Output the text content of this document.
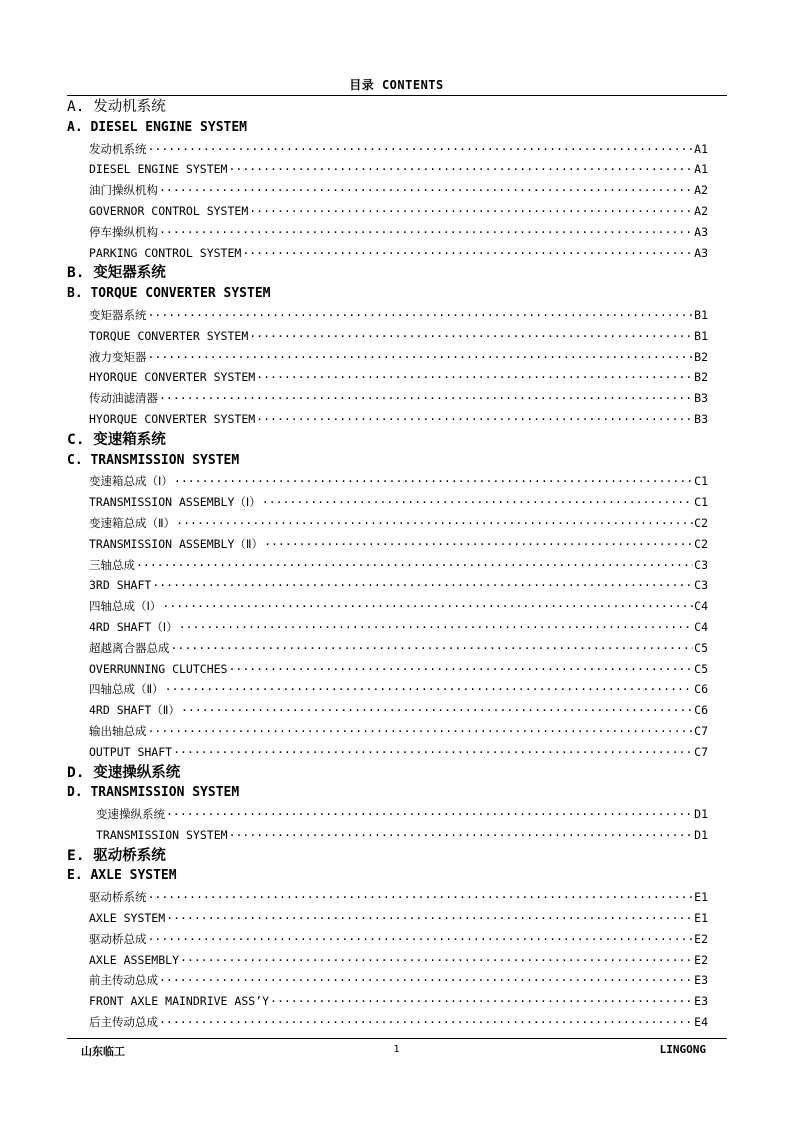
目录 CONTENTS
A. 发动机系统
A. DIESEL ENGINE SYSTEM
发动机系统 ·····	A1
DIESEL ENGINE SYSTEM ·····	A1
油门操纵机构 ·····	A2
GOVERNOR CONTROL SYSTEM ·····	A2
停车操纵机构 ·····	A3
PARKING CONTROL SYSTEM ·····	A3
B. 变矩器系统
B. TORQUE CONVERTER SYSTEM
变矩器系统 ·····	B1
TORQUE CONVERTER SYSTEM ·····	B1
液力变矩器 ·····	B2
HYORQUE CONVERTER SYSTEM ·····	B2
传动油滤清器 ·····	B3
HYORQUE CONVERTER SYSTEM ·····	B3
C. 变速箱系统
C. TRANSMISSION SYSTEM
变速箱总成（Ⅰ） ·····	C1
TRANSMISSION ASSEMBLY（Ⅰ） ·····	C1
变速箱总成（Ⅱ） ·····	C2
TRANSMISSION ASSEMBLY（Ⅱ） ·····	C2
三轴总成 ·····	C3
3RD SHAFT ·····	C3
四轴总成（Ⅰ） ·····	C4
4RD SHAFT（Ⅰ） ·····	C4
超越离合器总成 ·····	C5
OVERRUNNING CLUTCHES ·····	C5
四轴总成（Ⅱ） ·····	C6
4RD SHAFT（Ⅱ） ·····	C6
输出轴总成 ·····	C7
OUTPUT SHAFT ·····	C7
D. 变速操纵系统
D. TRANSMISSION SYSTEM
变速操纵系统 ·····	D1
TRANSMISSION SYSTEM ·····	D1
E. 驱动桥系统
E. AXLE SYSTEM
驱动桥系统 ·····	E1
AXLE SYSTEM ·····	E1
驱动桥总成 ·····	E2
AXLE ASSEMBLY ·····	E2
前主传动总成 ·····	E3
FRONT AXLE MAINDRIVE ASS’Y ·····	E3
后主传动总成 ·····	E4
山东临工	1	LINGONG
